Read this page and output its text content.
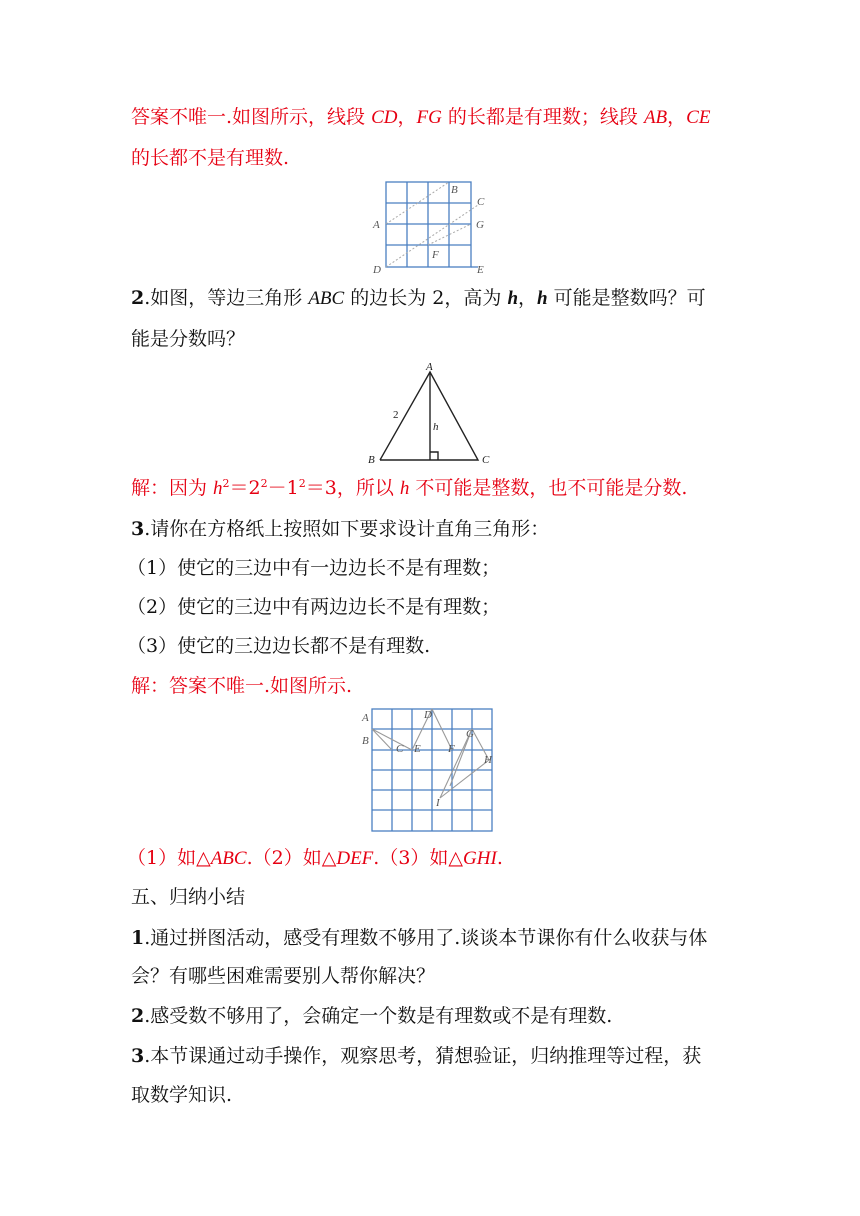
答案不唯一.如图所示，线段 CD，FG 的长都是有理数；线段 AB，CE
的长都不是有理数.
A
B
C
D	E
F
G
2.如图，等边三角形 ABC 的边长为 2，高为 h，h 可能是整数吗？可
能是分数吗？
A
B	C
2
h
解：因为 $h^2=2^2-1^2=3$，所以 h 不可能是整数，也不可能是分数.
3.请你在方格纸上按照如下要求设计直角三角形：
（1）使它的三边中有一边边长不是有理数；
（2）使它的三边中有两边边长不是有理数；
（3）使它的三边边长都不是有理数.
解：答案不唯一.如图所示.
A
B
C
D
E F
G
H
I
（1）如△ABC.（2）如△DEF.（3）如△GHI.
五、归纳小结
1.通过拼图活动，感受有理数不够用了.谈谈本节课你有什么收获与体
会？有哪些困难需要别人帮你解决？
2.感受数不够用了，会确定一个数是有理数或不是有理数.
3.本节课通过动手操作，观察思考，猜想验证，归纳推理等过程，获
取数学知识.
